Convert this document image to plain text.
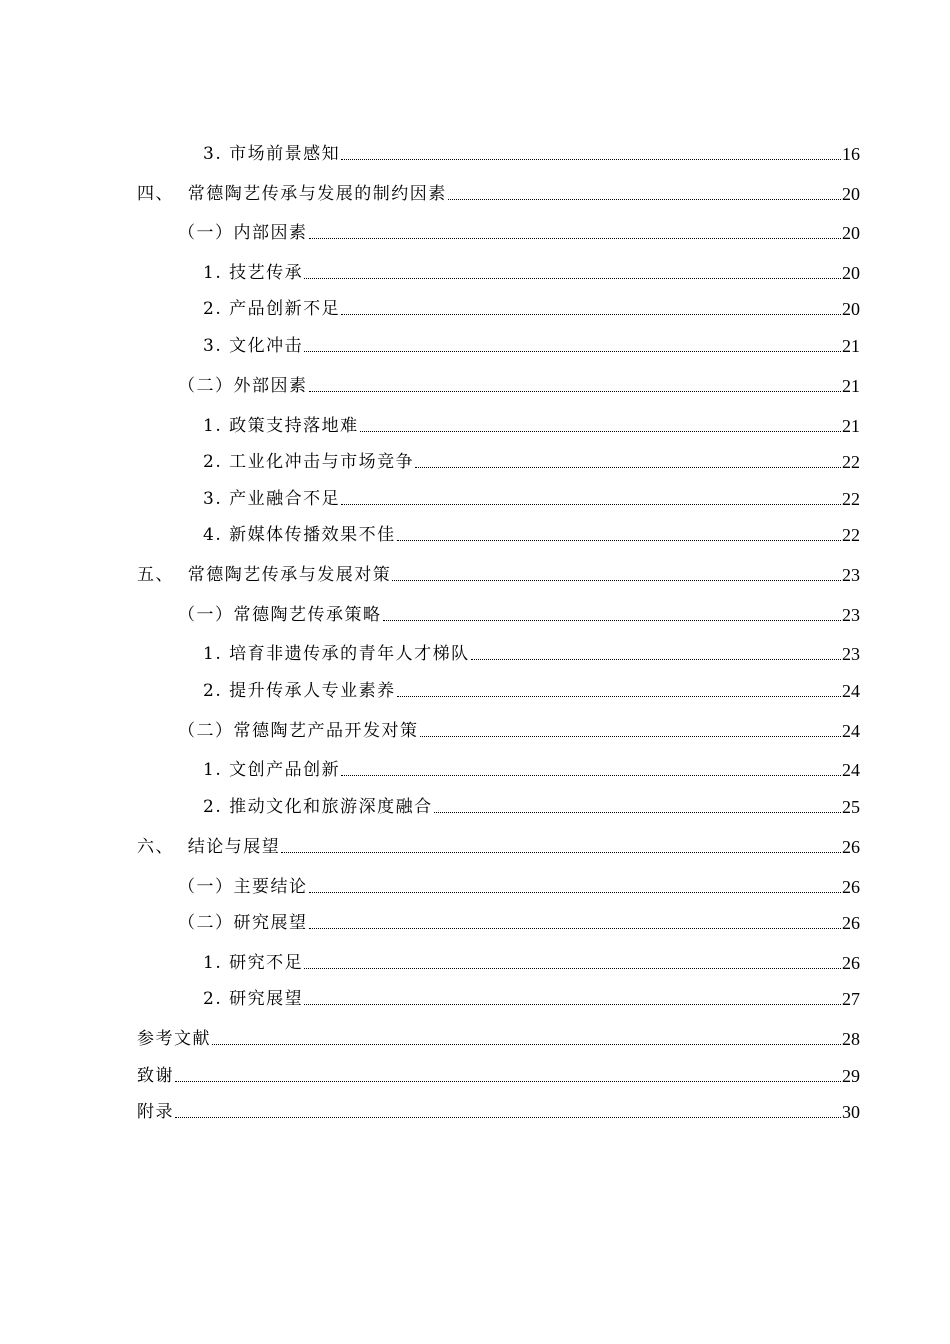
3. 市场前景感知	16
四、  常德陶艺传承与发展的制约因素	20
（一）内部因素	20
1. 技艺传承	20
2. 产品创新不足	20
3. 文化冲击	21
（二）外部因素	21
1. 政策支持落地难	21
2. 工业化冲击与市场竞争	22
3. 产业融合不足	22
4. 新媒体传播效果不佳	22
五、  常德陶艺传承与发展对策	23
（一）常德陶艺传承策略	23
1. 培育非遗传承的青年人才梯队	23
2. 提升传承人专业素养	24
（二）常德陶艺产品开发对策	24
1. 文创产品创新	24
2. 推动文化和旅游深度融合	25
六、  结论与展望	26
（一）主要结论	26
（二）研究展望	26
1. 研究不足	26
2. 研究展望	27
参考文献	28
致谢	29
附录	30
